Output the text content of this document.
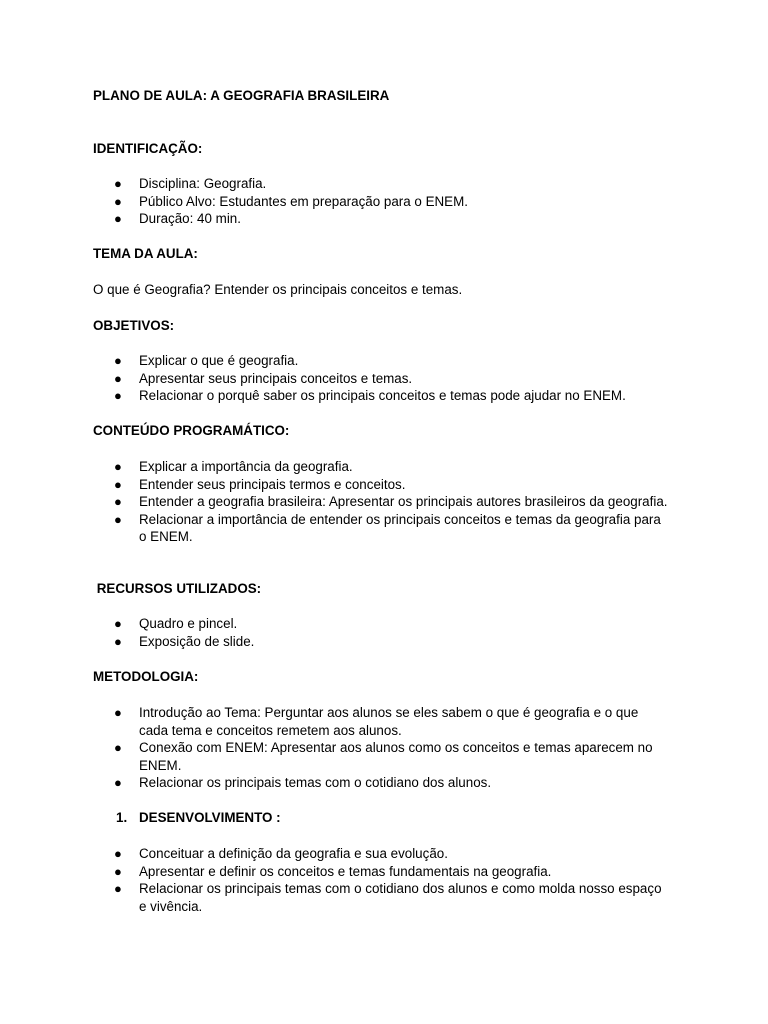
PLANO DE AULA: A GEOGRAFIA BRASILEIRA
IDENTIFICAÇÃO:
● Disciplina: Geografia.
● Público Alvo: Estudantes em preparação para o ENEM.
● Duração: 40 min.
TEMA DA AULA:
O que é Geografia? Entender os principais conceitos e temas.
OBJETIVOS:
● Explicar o que é geografia.
● Apresentar seus principais conceitos e temas.
● Relacionar o porquê saber os principais conceitos e temas pode ajudar no ENEM.
CONTEÚDO PROGRAMÁTICO:
● Explicar a importância da geografia.
● Entender seus principais termos e conceitos.
● Entender a geografia brasileira: Apresentar os principais autores brasileiros da geografia.
● Relacionar a importância de entender os principais conceitos e temas da geografia para o ENEM.
RECURSOS UTILIZADOS:
● Quadro e pincel.
● Exposição de slide.
METODOLOGIA:
● Introdução ao Tema: Perguntar aos alunos se eles sabem o que é geografia e o que cada tema e conceitos remetem aos alunos.
● Conexão com ENEM: Apresentar aos alunos como os conceitos e temas aparecem no ENEM.
● Relacionar os principais temas com o cotidiano dos alunos.
1. DESENVOLVIMENTO :
● Conceituar a definição da geografia e sua evolução.
● Apresentar e definir os conceitos e temas fundamentais na geografia.
● Relacionar os principais temas com o cotidiano dos alunos e como molda nosso espaço e vivência.
